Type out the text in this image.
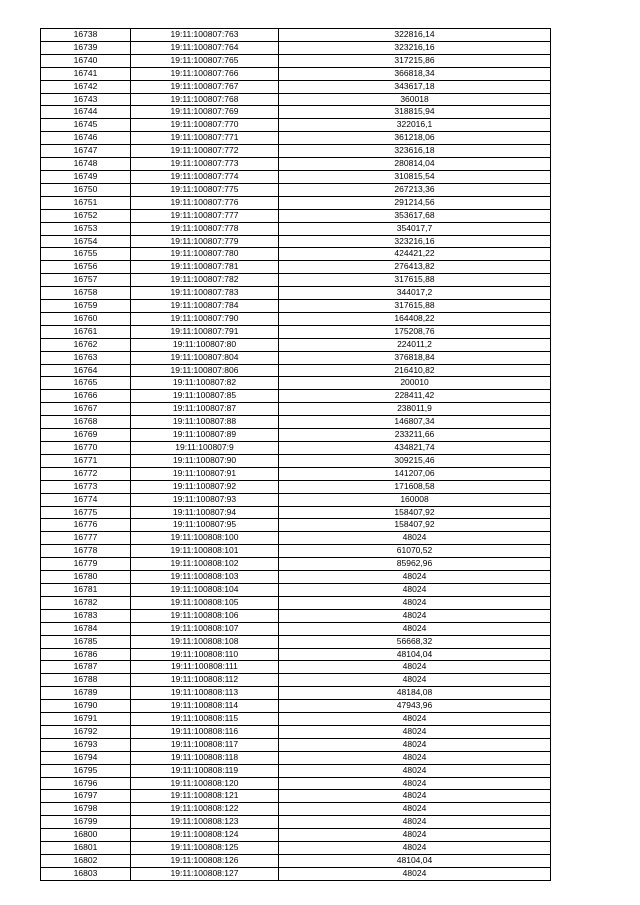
16738	19:11:100807:763	322816,14
16739	19:11:100807:764	323216,16
16740	19:11:100807:765	317215,86
16741	19:11:100807:766	366818,34
16742	19:11:100807:767	343617,18
16743	19:11:100807:768	360018
16744	19:11:100807:769	318815,94
16745	19:11:100807:770	322016,1
16746	19:11:100807:771	361218,06
16747	19:11:100807:772	323616,18
16748	19:11:100807:773	280814,04
16749	19:11:100807:774	310815,54
16750	19:11:100807:775	267213,36
16751	19:11:100807:776	291214,56
16752	19:11:100807:777	353617,68
16753	19:11:100807:778	354017,7
16754	19:11:100807:779	323216,16
16755	19:11:100807:780	424421,22
16756	19:11:100807:781	276413,82
16757	19:11:100807:782	317615,88
16758	19:11:100807:783	344017,2
16759	19:11:100807:784	317615,88
16760	19:11:100807:790	164408,22
16761	19:11:100807:791	175208,76
16762	19:11:100807:80	224011,2
16763	19:11:100807:804	376818,84
16764	19:11:100807:806	216410,82
16765	19:11:100807:82	200010
16766	19:11:100807:85	228411,42
16767	19:11:100807:87	238011,9
16768	19:11:100807:88	146807,34
16769	19:11:100807:89	233211,66
16770	19:11:100807:9	434821,74
16771	19:11:100807:90	309215,46
16772	19:11:100807:91	141207,06
16773	19:11:100807:92	171608,58
16774	19:11:100807:93	160008
16775	19:11:100807:94	158407,92
16776	19:11:100807:95	158407,92
16777	19:11:100808:100	48024
16778	19:11:100808:101	61070,52
16779	19:11:100808:102	85962,96
16780	19:11:100808:103	48024
16781	19:11:100808:104	48024
16782	19:11:100808:105	48024
16783	19:11:100808:106	48024
16784	19:11:100808:107	48024
16785	19:11:100808:108	56668,32
16786	19:11:100808:110	48104,04
16787	19:11:100808:111	48024
16788	19:11:100808:112	48024
16789	19:11:100808:113	48184,08
16790	19:11:100808:114	47943,96
16791	19:11:100808:115	48024
16792	19:11:100808:116	48024
16793	19:11:100808:117	48024
16794	19:11:100808:118	48024
16795	19:11:100808:119	48024
16796	19:11:100808:120	48024
16797	19:11:100808:121	48024
16798	19:11:100808:122	48024
16799	19:11:100808:123	48024
16800	19:11:100808:124	48024
16801	19:11:100808:125	48024
16802	19:11:100808:126	48104,04
16803	19:11:100808:127	48024
